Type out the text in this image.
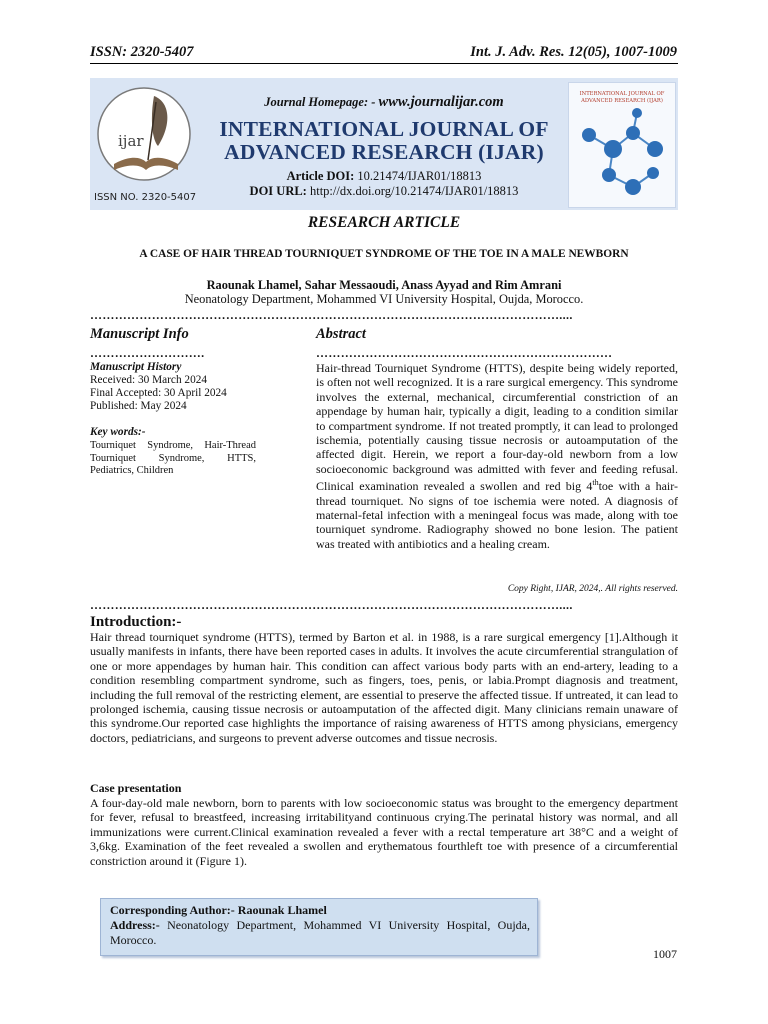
ISSN: 2320-5407	Int. J. Adv. Res. 12(05), 1007-1009
ijar
ISSN NO. 2320-5407
Journal Homepage: - www.journalijar.com
INTERNATIONAL JOURNAL OF
ADVANCED RESEARCH (IJAR)
Article DOI: 10.21474/IJAR01/18813
DOI URL: http://dx.doi.org/10.21474/IJAR01/18813
INTERNATIONAL JOURNAL OF
ADVANCED RESEARCH (IJAR)
RESEARCH ARTICLE
A CASE OF HAIR THREAD TOURNIQUET SYNDROME OF THE TOE IN A MALE NEWBORN
Raounak Lhamel, Sahar Messaoudi, Anass Ayyad and Rim Amrani
Neonatology Department, Mohammed VI University Hospital, Oujda, Morocco.
……………………………………………………………………………………………………....
Manuscript Info
……………………….
Manuscript History
Received: 30 March 2024
Final Accepted: 30 April 2024
Published: May 2024
Key words:-
Tourniquet Syndrome, Hair-Thread Tourniquet Syndrome, HTTS, Pediatrics, Children
Abstract
………………………………………………………………
Hair-thread Tourniquet Syndrome (HTTS), despite being widely reported, is often not well recognized. It is a rare surgical emergency. This syndrome involves the external, mechanical, circumferential constriction of an appendage by human hair, typically a digit, leading to a condition similar to compartment syndrome. If not treated promptly, it can lead to prolonged ischemia, potentially causing tissue necrosis or autoamputation of the affected digit. Herein, we report a four-day-old newborn from a low socioeconomic background was admitted with fever and feeding refusal. Clinical examination revealed a swollen and red big 4thtoe with a hair-thread tourniquet. No signs of toe ischemia were noted. A diagnosis of maternal-fetal infection with a meningeal focus was made, along with toe tourniquet syndrome. Radiography showed no bone lesion. The patient was treated with antibiotics and a healing cream.
Copy Right, IJAR, 2024,. All rights reserved.
……………………………………………………………………………………………………....
Introduction:-
Hair thread tourniquet syndrome (HTTS), termed by Barton et al. in 1988, is a rare surgical emergency [1].Although it usually manifests in infants, there have been reported cases in adults. It involves the acute circumferential strangulation of one or more appendages by human hair. This condition can affect various body parts with an end-artery, leading to a condition resembling compartment syndrome, such as fingers, toes, penis, or labia.Prompt diagnosis and treatment, including the full removal of the restricting element, are essential to preserve the affected tissue. If untreated, it can lead to prolonged ischemia, causing tissue necrosis or autoamputation of the affected digit. Many clinicians remain unaware of this syndrome.Our reported case highlights the importance of raising awareness of HTTS among physicians, emergency doctors, pediatricians, and surgeons to prevent adverse outcomes and tissue necrosis.
Case presentation
A four-day-old male newborn, born to parents with low socioeconomic status was brought to the emergency department for fever, refusal to breastfeed, increasing irritabilityand continuous crying.The perinatal history was normal, and all immunizations were current.Clinical examination revealed a fever with a rectal temperature art 38°C and a weight of 3,6kg. Examination of the feet revealed a swollen and erythematous fourthleft toe with presence of a circumferential constriction around it (Figure 1).
Corresponding Author:- Raounak Lhamel
Address:- Neonatology Department, Mohammed VI University Hospital, Oujda, Morocco.
1007
